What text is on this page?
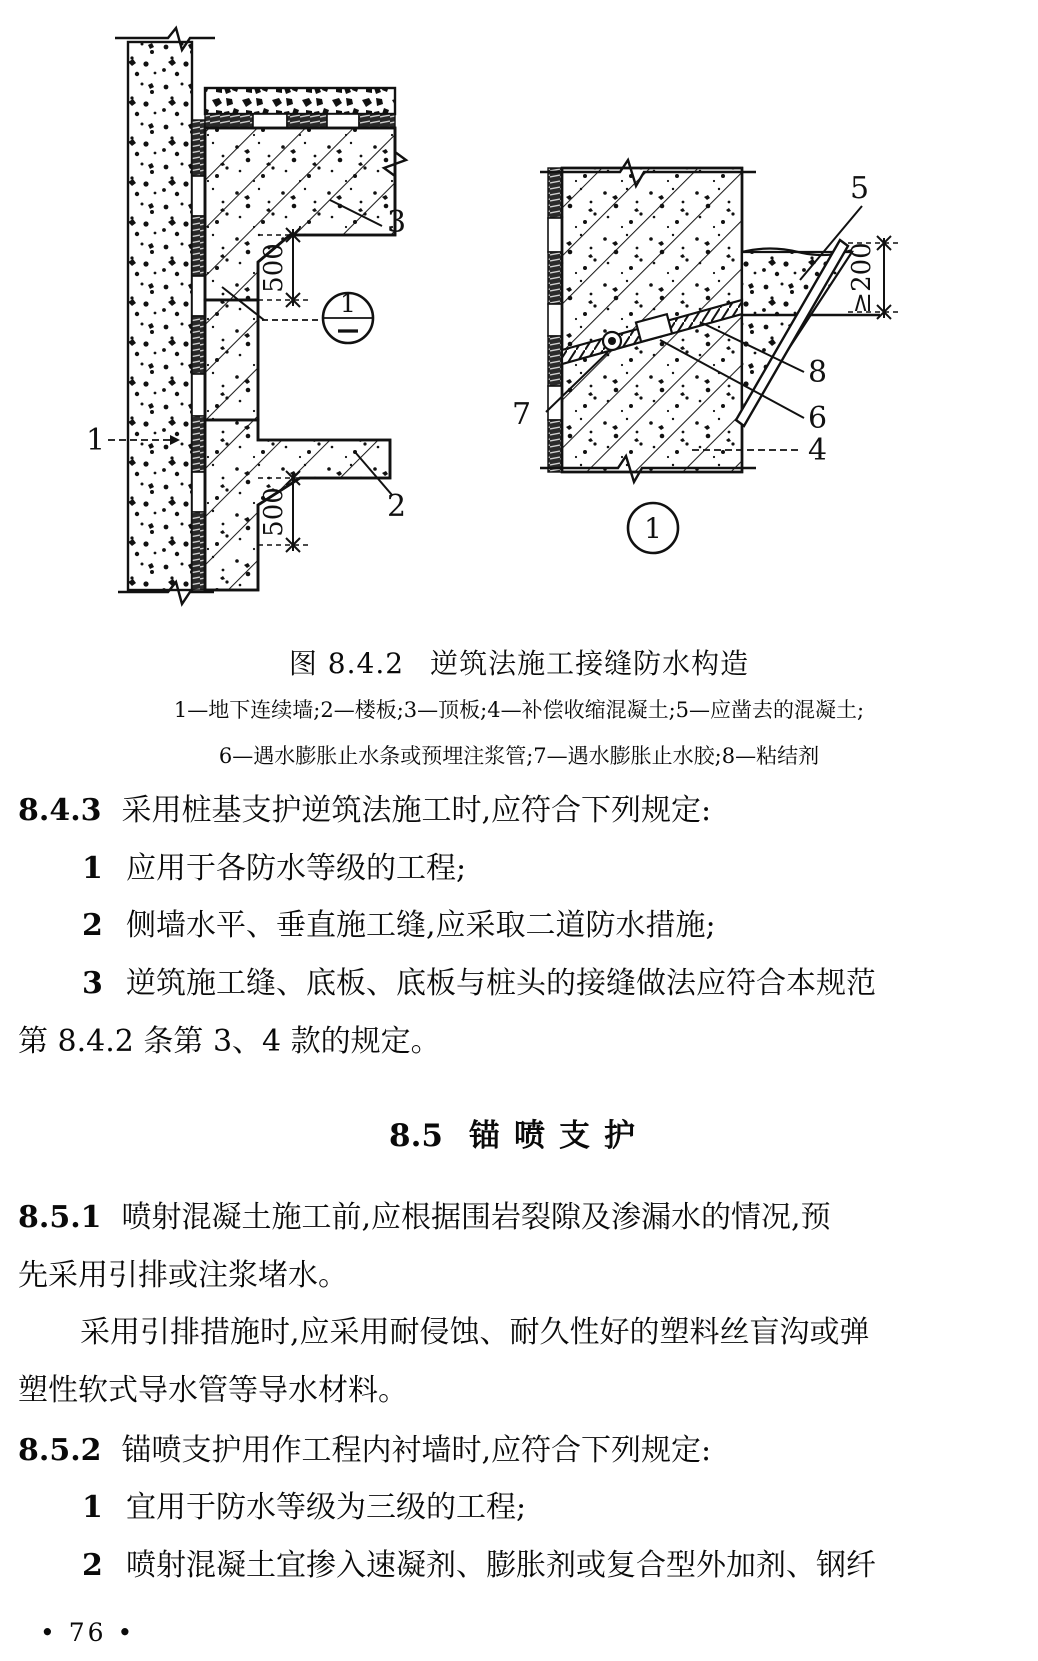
500
500
3
1
2
1	≥200
5
8
6
7
4
1
图 8.4.2 逆筑法施工接缝防水构造
1—地下连续墙;2—楼板;3—顶板;4—补偿收缩混凝土;5—应凿去的混凝土;
6—遇水膨胀止水条或预埋注浆管;7—遇水膨胀止水胶;8—粘结剂
8.4.3 采用桩基支护逆筑法施工时,应符合下列规定:
1 应用于各防水等级的工程;
2 侧墙水平、垂直施工缝,应采取二道防水措施;
3 逆筑施工缝、底板、底板与桩头的接缝做法应符合本规范
第 8.4.2 条第 3、4 款的规定。
8.5 锚喷支护
8.5.1 喷射混凝土施工前,应根据围岩裂隙及渗漏水的情况,预
先采用引排或注浆堵水。
采用引排措施时,应采用耐侵蚀、耐久性好的塑料丝盲沟或弹
塑性软式导水管等导水材料。
8.5.2 锚喷支护用作工程内衬墙时,应符合下列规定:
1 宜用于防水等级为三级的工程;
2 喷射混凝土宜掺入速凝剂、膨胀剂或复合型外加剂、钢纤
• 76 •
